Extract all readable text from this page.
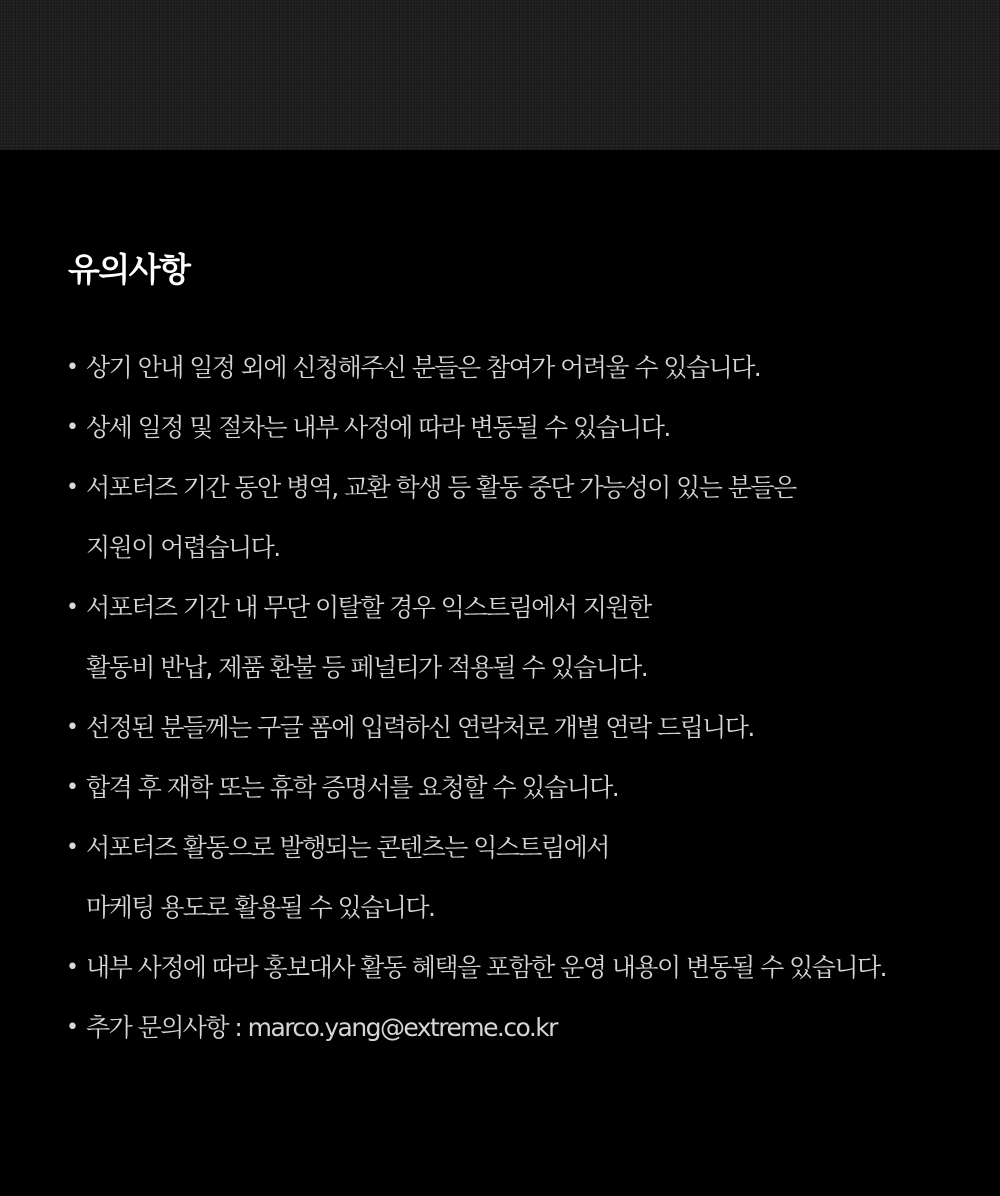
유의사항
• 상기 안내 일정 외에 신청해주신 분들은 참여가 어려울 수 있습니다.
• 상세 일정 및 절차는 내부 사정에 따라 변동될 수 있습니다.
• 서포터즈 기간 동안 병역, 교환 학생 등 활동 중단 가능성이 있는 분들은
지원이 어렵습니다.
• 서포터즈 기간 내 무단 이탈할 경우 익스트림에서 지원한
활동비 반납, 제품 환불 등 페널티가 적용될 수 있습니다.
• 선정된 분들께는 구글 폼에 입력하신 연락처로 개별 연락 드립니다.
• 합격 후 재학 또는 휴학 증명서를 요청할 수 있습니다.
• 서포터즈 활동으로 발행되는 콘텐츠는 익스트림에서
마케팅 용도로 활용될 수 있습니다.
• 내부 사정에 따라 홍보대사 활동 혜택을 포함한 운영 내용이 변동될 수 있습니다.
• 추가 문의사항 : marco.yang@extreme.co.kr
